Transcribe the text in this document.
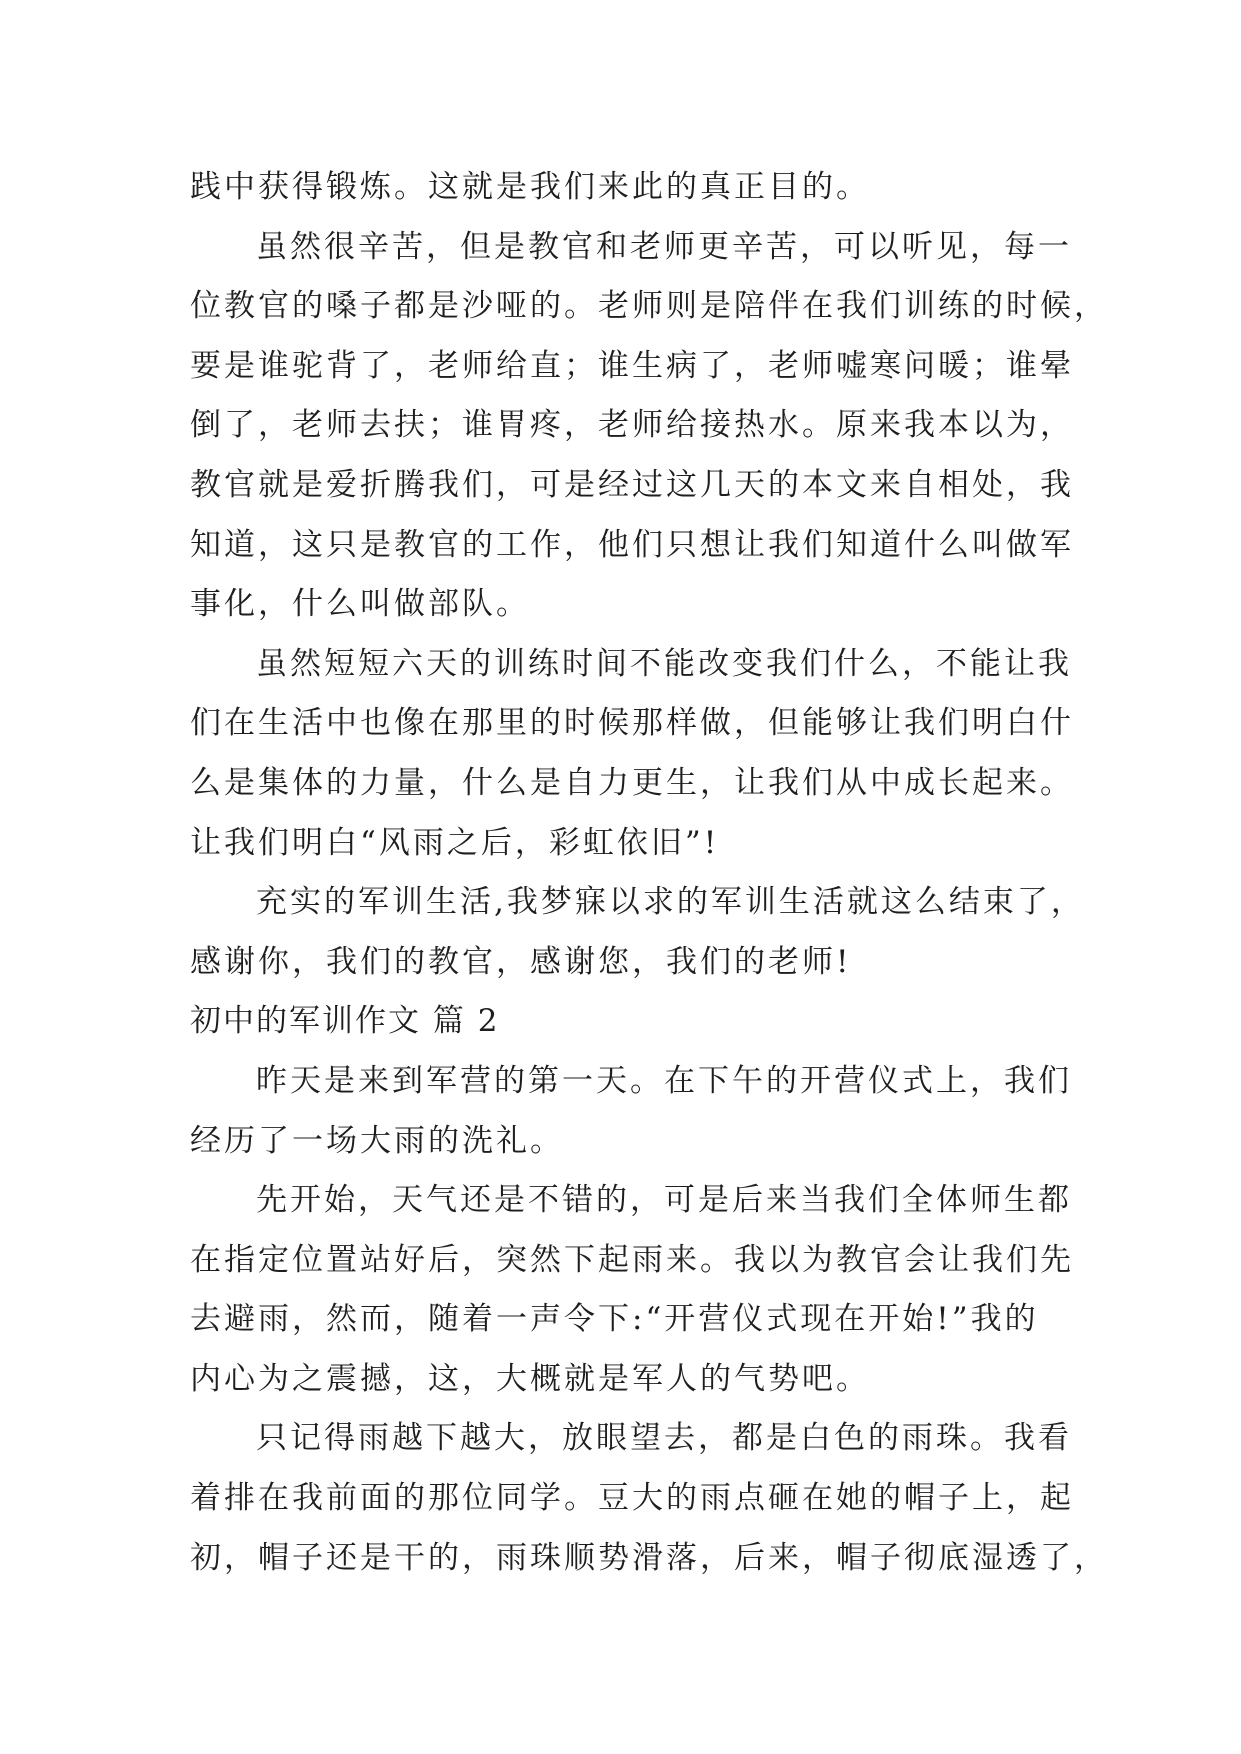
践中获得锻炼。这就是我们来此的真正目的。
虽然很辛苦，但是教官和老师更辛苦，可以听见，每一
位教官的嗓子都是沙哑的。老师则是陪伴在我们训练的时候，
要是谁驼背了，老师给直；谁生病了，老师嘘寒问暖；谁晕
倒了，老师去扶；谁胃疼，老师给接热水。原来我本以为，
教官就是爱折腾我们，可是经过这几天的本文来自相处，我
知道，这只是教官的工作，他们只想让我们知道什么叫做军
事化，什么叫做部队。
虽然短短六天的训练时间不能改变我们什么，不能让我
们在生活中也像在那里的时候那样做，但能够让我们明白什
么是集体的力量，什么是自力更生，让我们从中成长起来。
让我们明白“风雨之后，彩虹依旧”!
充实的军训生活,我梦寐以求的军训生活就这么结束了，
感谢你，我们的教官，感谢您，我们的老师!
初中的军训作文 篇 2
昨天是来到军营的第一天。在下午的开营仪式上，我们
经历了一场大雨的洗礼。
先开始，天气还是不错的，可是后来当我们全体师生都
在指定位置站好后，突然下起雨来。我以为教官会让我们先
去避雨，然而，随着一声令下:“开营仪式现在开始!”我的
内心为之震撼，这，大概就是军人的气势吧。
只记得雨越下越大，放眼望去，都是白色的雨珠。我看
着排在我前面的那位同学。豆大的雨点砸在她的帽子上，起
初，帽子还是干的，雨珠顺势滑落，后来，帽子彻底湿透了，
